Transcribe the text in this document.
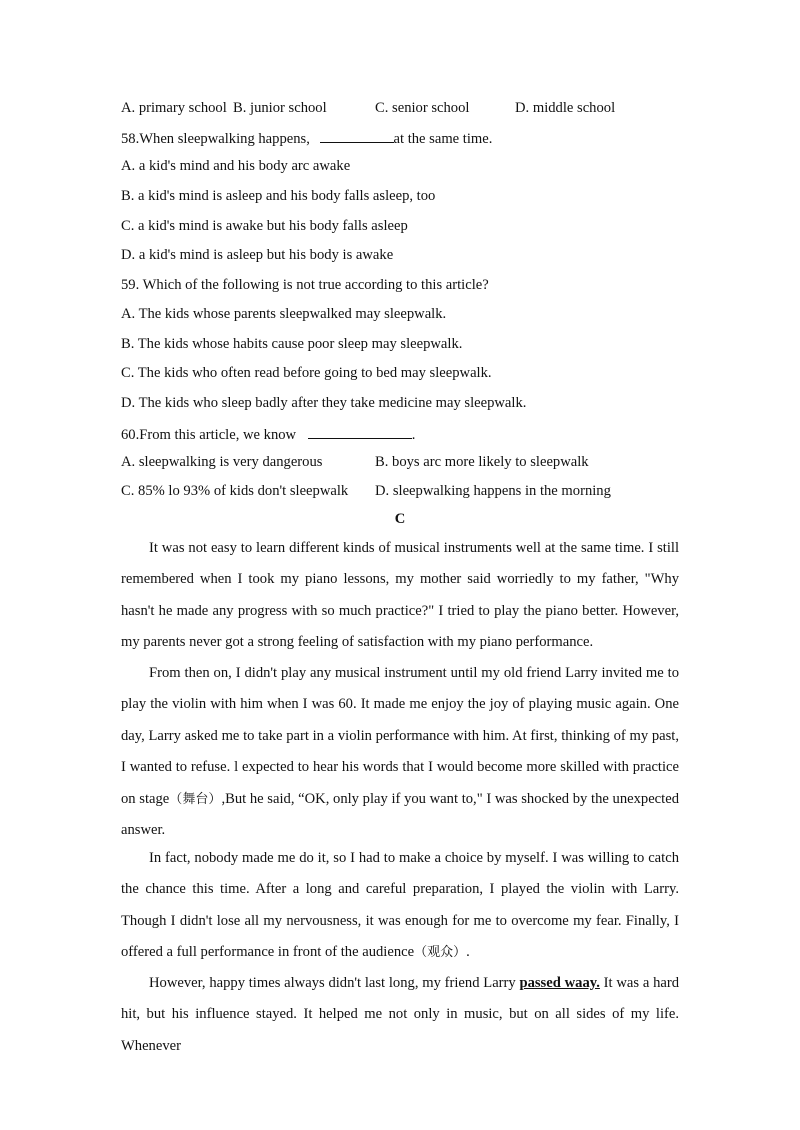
A. primary school B. junior school	C. senior school	D. middle school
58.When sleepwalking happens,	at the same time.
A. a kid's mind and his body arc awake
B. a kid's mind is asleep and his body falls asleep, too
C. a kid's mind is awake but his body falls asleep
D. a kid's mind is asleep but his body is awake
59. Which of the following is not true according to this article?
A. The kids whose parents sleepwalked may sleepwalk.
B. The kids whose habits cause poor sleep may sleepwalk.
C. The kids who often read before going to bed may sleepwalk.
D. The kids who sleep badly after they take medicine may sleepwalk.
60.From this article, we know	.
A. sleepwalking is very dangerous	B. boys arc more likely to sleepwalk
C. 85% lo 93% of kids don't sleepwalk D. sleepwalking happens in the morning
C

It was not easy to learn different kinds of musical instruments well at the same time. I still remembered when I took my piano lessons, my mother said worriedly to my father, "Why hasn't he made any progress with so much practice?" I tried to play the piano better. However, my parents never got a strong feeling of satisfaction with my piano performance.

From then on, I didn't play any musical instrument until my old friend Larry invited me to play the violin with him when I was 60. It made me enjoy the joy of playing music again. One day, Larry asked me to take part in a violin performance with him. At first, thinking of my past, I wanted to refuse. l expected to hear his words that I would become more skilled with practice on stage（舞台）,But he said, “OK, only play if you want to," I was shocked by the unexpected answer.

In fact, nobody made me do it, so I had to make a choice by myself. I was willing to catch the chance this time. After a long and careful preparation, I played the violin with Larry. Though I didn't lose all my nervousness, it was enough for me to overcome my fear. Finally, I offered a full performance in front of the audience（观众）.

However, happy times always didn't last long, my friend Larry passed waay. It was a hard hit, but his influence stayed. It helped me not only in music, but on all sides of my life. Whenever
